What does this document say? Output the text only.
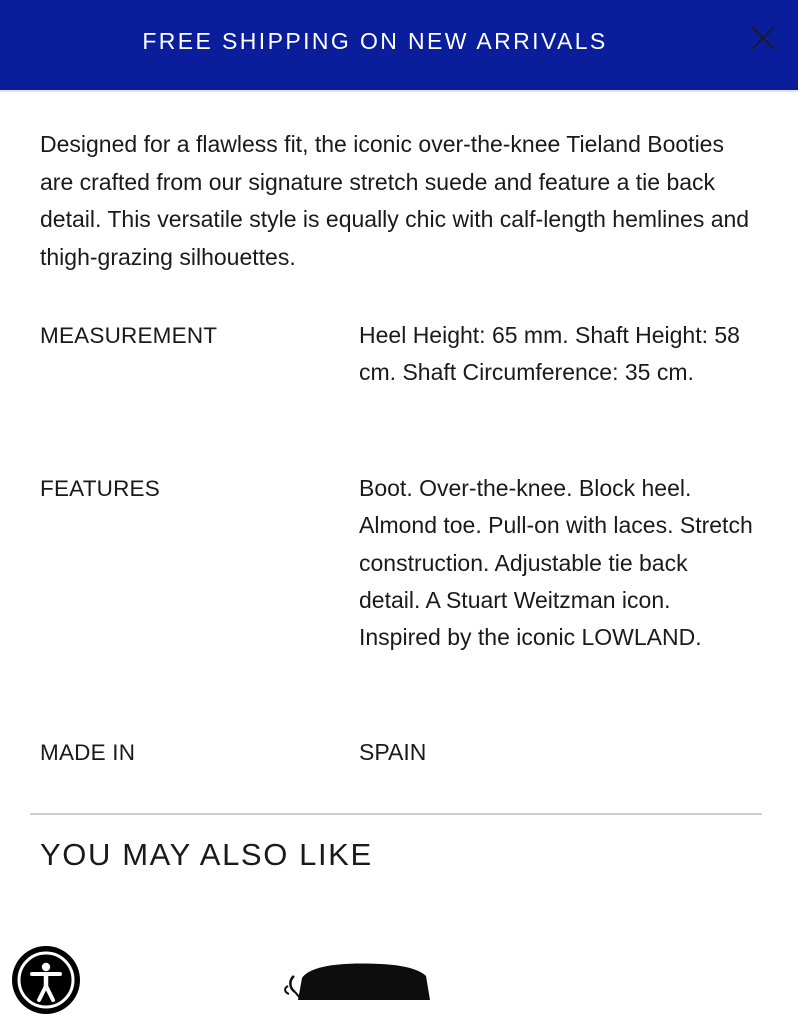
FREE SHIPPING ON NEW ARRIVALS

Designed for a flawless fit, the iconic over-the-knee Tieland Booties are crafted from our signature stretch suede and feature a tie back detail. This versatile style is equally chic with calf-length hemlines and thigh-grazing silhouettes.

MEASUREMENT	Heel Height: 65 mm. Shaft Height: 58 cm. Shaft Circumference: 35 cm.
FEATURES	Boot. Over-the-knee. Block heel. Almond toe. Pull-on with laces. Stretch construction. Adjustable tie back detail. A Stuart Weitzman icon. Inspired by the iconic LOWLAND.
MADE IN	SPAIN
YOU MAY ALSO LIKE
